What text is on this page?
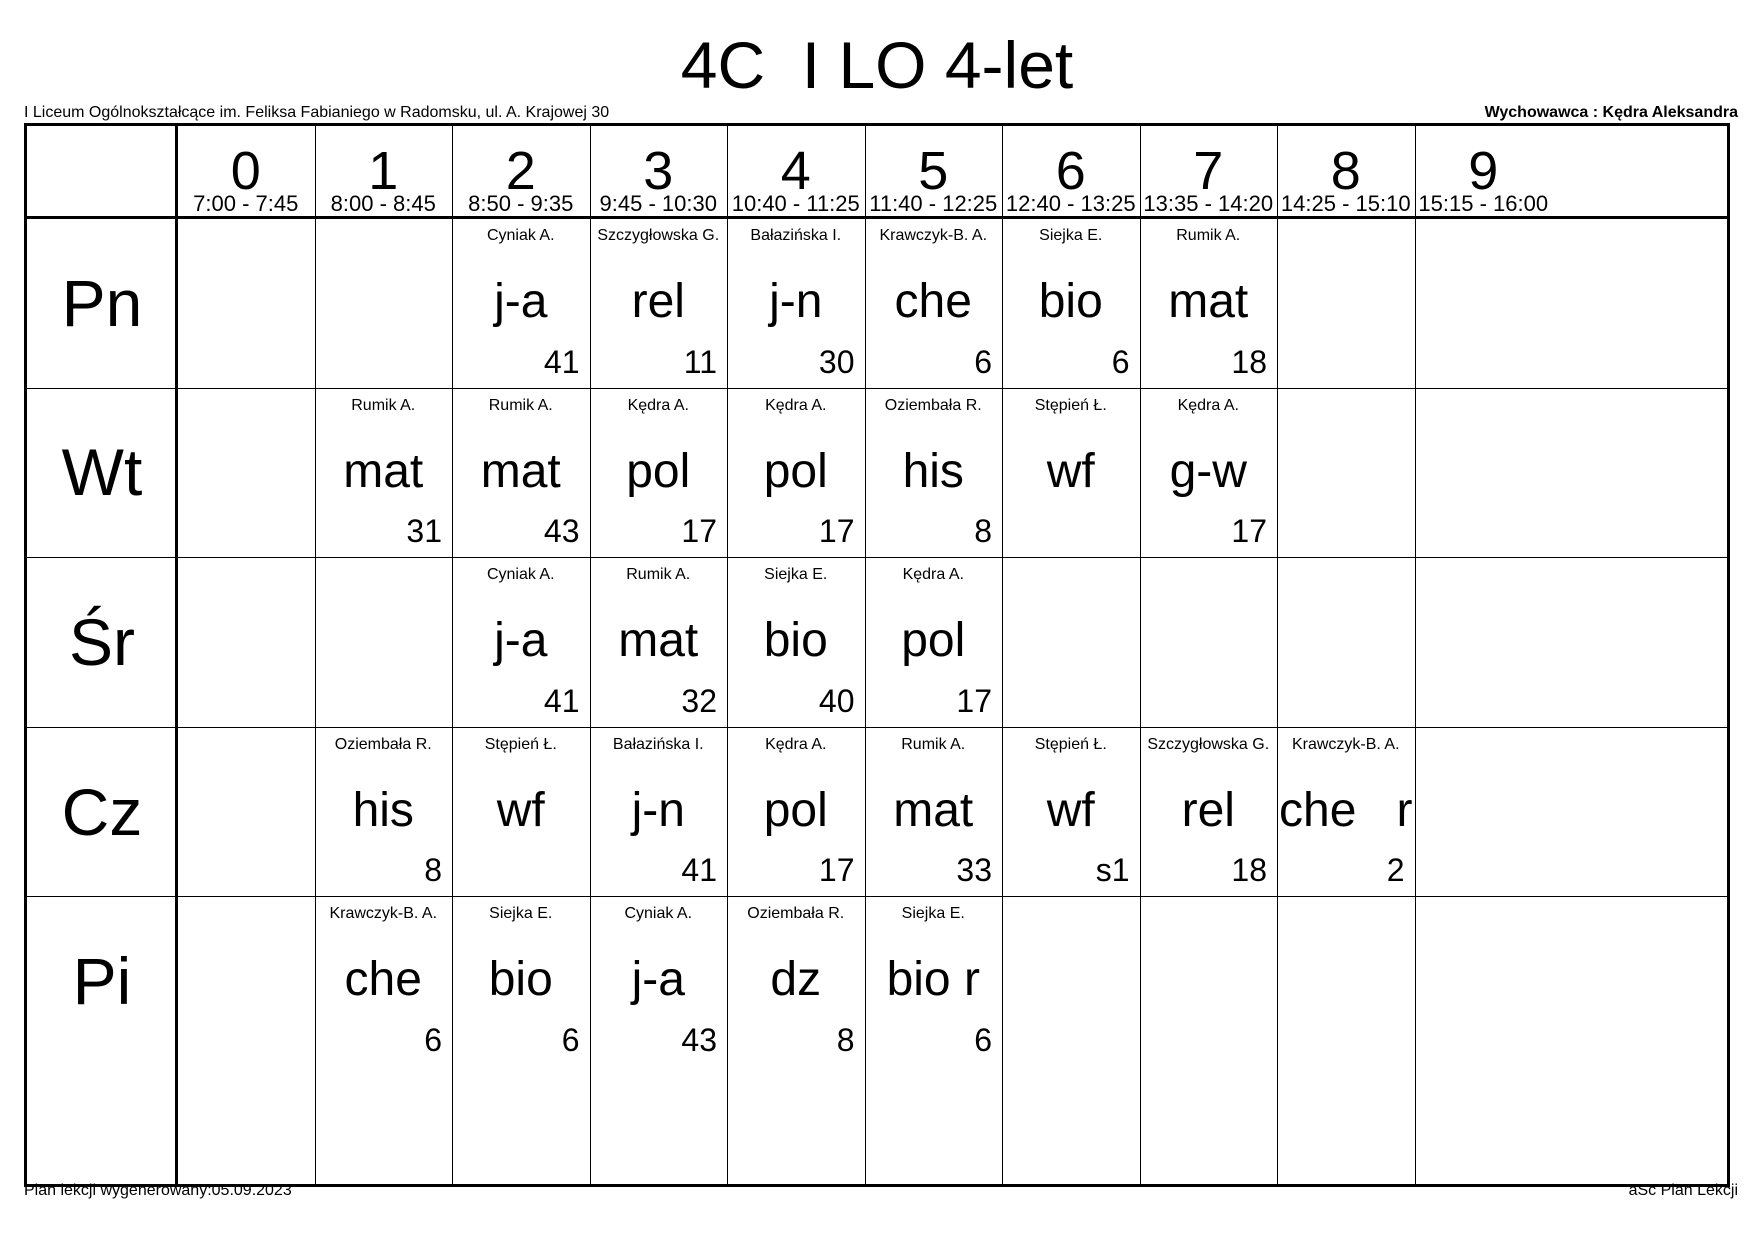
4C  I LO 4-let
I Liceum Ogólnokształcące im. Feliksa Fabianiego w Radomsku, ul. A. Krajowej 30	Wychowawca : Kędra Aleksandra
0
7:00 - 7:45
1
8:00 - 8:45
2
8:50 - 9:35
3
9:45 - 10:30
4
10:40 - 11:25
5
11:40 - 12:25
6
12:40 - 13:25
7
13:35 - 14:20
8
14:25 - 15:10
9
15:15 - 16:00
Pn
Cyniak A.
j-a
41
Szczygłowska G.
rel
11
Bałazińska I.
j-n
30
Krawczyk-B. A.
che
6
Siejka E.
bio
6
Rumik A.
mat
18
Wt
Rumik A.
mat
31
Rumik A.
mat
43
Kędra A.
pol
17
Kędra A.
pol
17
Oziembała R.
his
8
Stępień Ł.
wf
Kędra A.
g-w
17
Śr
Cyniak A.
j-a
41
Rumik A.
mat
32
Siejka E.
bio
40
Kędra A.
pol
17
Cz
Oziembała R.
his
8
Stępień Ł.
wf
Bałazińska I.
j-n
41
Kędra A.
pol
17
Rumik A.
mat
33
Stępień Ł.
wf
s1
Szczygłowska G.
rel
18
Krawczyk-B. A.
che   r
2
Pi
Krawczyk-B. A.
che
6
Siejka E.
bio
6
Cyniak A.
j-a
43
Oziembała R.
dz
8
Siejka E.
bio r
6
Plan lekcji wygenerowany:05.09.2023	aSc Plan Lekcji
